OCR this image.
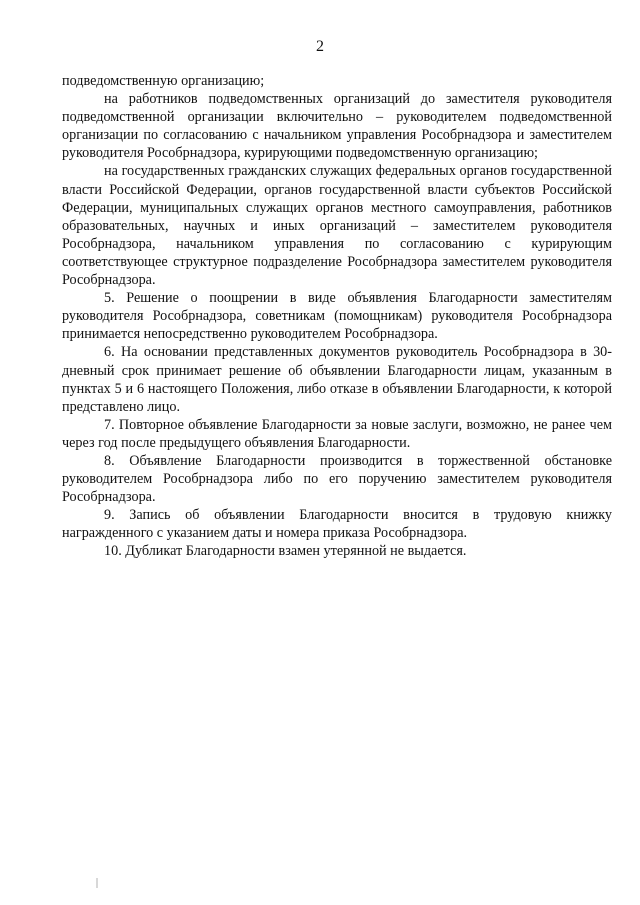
2

подведомственную организацию;

на работников подведомственных организаций до заместителя руководителя подведомственной организации включительно – руководителем подведомственной организации по согласованию с начальником управления Рособрнадзора и заместителем руководителя Рособрнадзора, курирующими подведомственную организацию;

на государственных гражданских служащих федеральных органов государственной власти Российской Федерации, органов государственной власти субъектов Российской Федерации, муниципальных служащих органов местного самоуправления, работников образовательных, научных и иных организаций – заместителем руководителя Рособрнадзора, начальником управления по согласованию с курирующим соответствующее структурное подразделение Рособрнадзора заместителем руководителя Рособрнадзора.

5. Решение о поощрении в виде объявления Благодарности заместителям руководителя Рособрнадзора, советникам (помощникам) руководителя Рособрнадзора принимается непосредственно руководителем Рособрнадзора.

6. На основании представленных документов руководитель Рособрнадзора в 30-дневный срок принимает решение об объявлении Благодарности лицам, указанным в пунктах 5 и 6 настоящего Положения, либо отказе в объявлении Благодарности, к которой представлено лицо.

7. Повторное объявление Благодарности за новые заслуги, возможно, не ранее чем через год после предыдущего объявления Благодарности.

8. Объявление Благодарности производится в торжественной обстановке руководителем Рособрнадзора либо по его поручению заместителем руководителя Рособрнадзора.

9. Запись об объявлении Благодарности вносится в трудовую книжку награжденного с указанием даты и номера приказа Рособрнадзора.

10. Дубликат Благодарности взамен утерянной не выдается.
